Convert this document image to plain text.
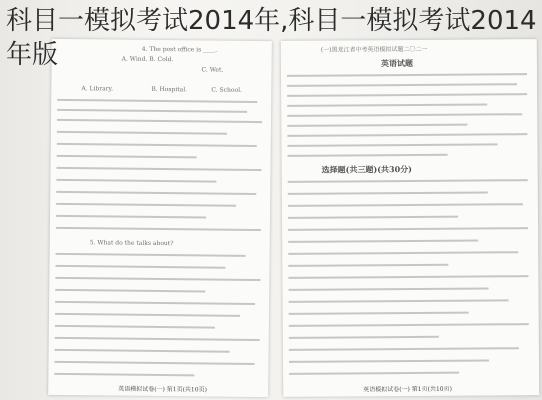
4. The post office is ____.
A. Wind. B. Cold.
C. Wet.
A. Library.	B. Hospital.	C. School.
5. What do the talks about?
英语模拟试卷(一) 第1页(共10页)
(一)黑龙江省中考英语模拟试题二〇二一
英语试题
选择题(共三题)(共30分)
英语模拟试卷(一) 第1页(共10页)
科目一模拟考试2014年,科目一模拟考试2014年版
